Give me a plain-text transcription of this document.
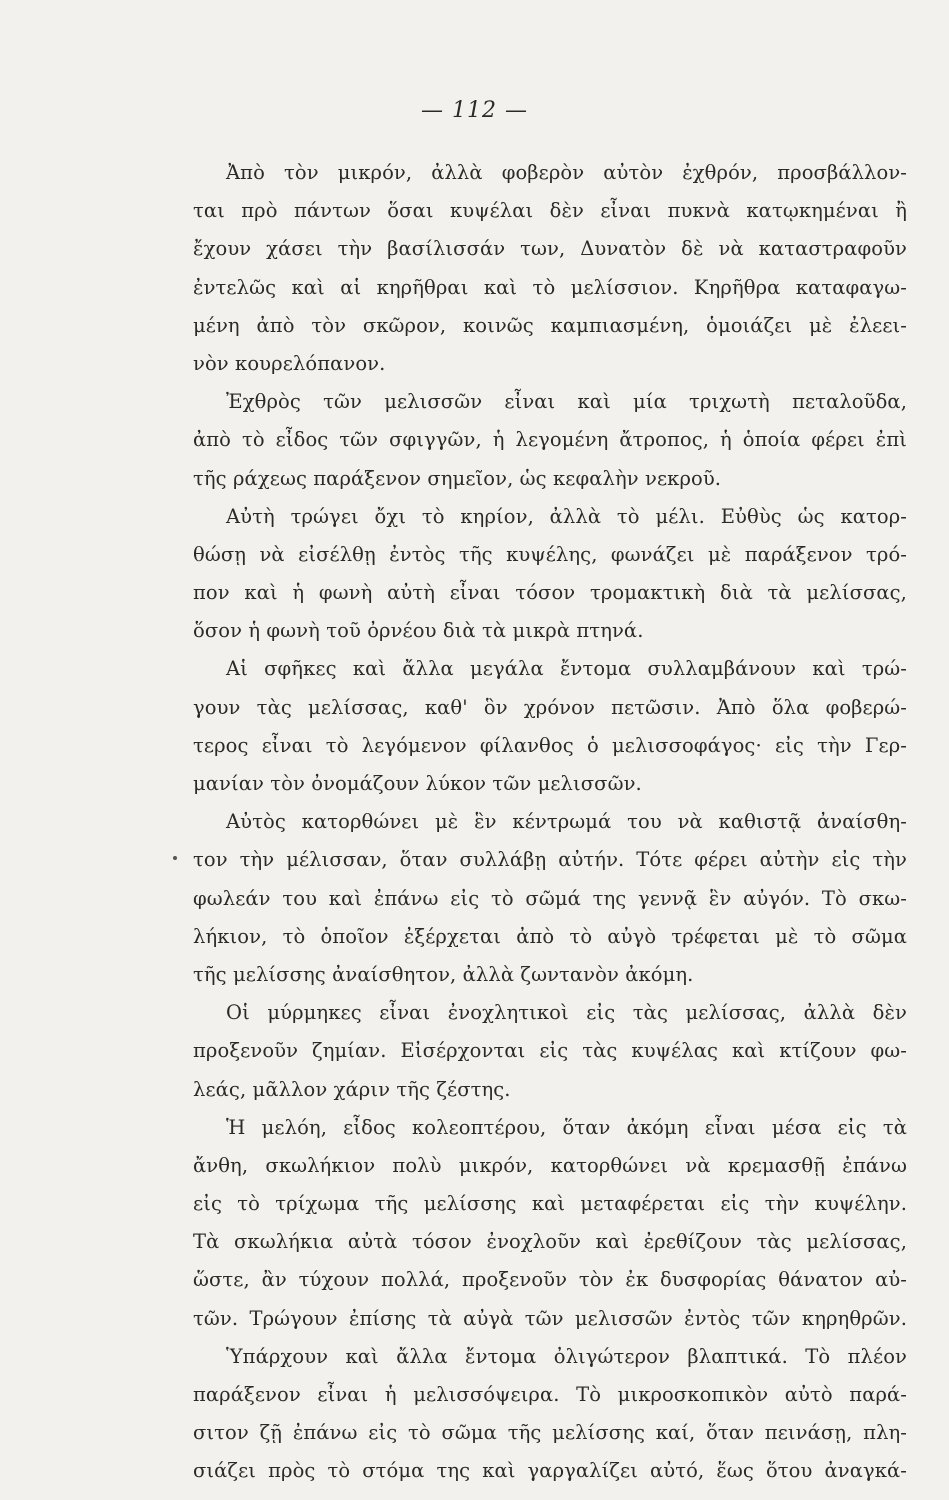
— 112 —
Ἀπὸ τὸν μικρόν, ἀλλὰ φοβερὸν αὐτὸν ἐχθρόν, προσβάλλον-
ται πρὸ πάντων ὅσαι κυψέλαι δὲν εἶναι πυκνὰ κατῳκημέναι ἢ
ἔχουν χάσει τὴν βασίλισσάν των, Δυνατὸν δὲ νὰ καταστραφοῦν
ἐντελῶς καὶ αἱ κηρῆθραι καὶ τὸ μελίσσιον. Κηρῆθρα καταφαγω-
μένη ἀπὸ τὸν σκῶρον, κοινῶς καμπιασμένη, ὁμοιάζει μὲ ἐλεει-
νὸν κουρελόπανον.
Ἐχθρὸς τῶν μελισσῶν εἶναι καὶ μία τριχωτὴ πεταλοῦδα,
ἀπὸ τὸ εἶδος τῶν σφιγγῶν, ἡ λεγομένη ἄτροπος, ἡ ὁποία φέρει ἐπὶ
τῆς ράχεως παράξενον σημεῖον, ὡς κεφαλὴν νεκροῦ.
Αὐτὴ τρώγει ὄχι τὸ κηρίον, ἀλλὰ τὸ μέλι. Εὐθὺς ὡς κατορ-
θώσῃ νὰ εἰσέλθῃ ἐντὸς τῆς κυψέλης, φωνάζει μὲ παράξενον τρό-
πον καὶ ἡ φωνὴ αὐτὴ εἶναι τόσον τρομακτικὴ διὰ τὰ μελίσσας,
ὅσον ἡ φωνὴ τοῦ ὀρνέου διὰ τὰ μικρὰ πτηνά.
Αἱ σφῆκες καὶ ἄλλα μεγάλα ἔντομα συλλαμβάνουν καὶ τρώ-
γουν τὰς μελίσσας, καθ' ὃν χρόνον πετῶσιν. Ἀπὸ ὅλα φοβερώ-
τερος εἶναι τὸ λεγόμενον φίλανθος ὁ μελισσοφάγος· εἰς τὴν Γερ-
μανίαν τὸν ὀνομάζουν λύκον τῶν μελισσῶν.
Αὐτὸς κατορθώνει μὲ ἓν κέντρωμά του νὰ καθιστᾷ ἀναίσθη-
τον τὴν μέλισσαν, ὅταν συλλάβῃ αὐτήν. Τότε φέρει αὐτὴν εἰς τὴν
φωλεάν του καὶ ἐπάνω εἰς τὸ σῶμά της γεννᾷ ἓν αὐγόν. Τὸ σκω-
λήκιον, τὸ ὁποῖον ἐξέρχεται ἀπὸ τὸ αὐγὸ τρέφεται μὲ τὸ σῶμα
τῆς μελίσσης ἀναίσθητον, ἀλλὰ ζωντανὸν ἀκόμη.
Οἱ μύρμηκες εἶναι ἐνοχλητικοὶ εἰς τὰς μελίσσας, ἀλλὰ δὲν
προξενοῦν ζημίαν. Εἰσέρχονται εἰς τὰς κυψέλας καὶ κτίζουν φω-
λεάς, μᾶλλον χάριν τῆς ζέστης.
Ἡ μελόη, εἶδος κολεοπτέρου, ὅταν ἀκόμη εἶναι μέσα εἰς τὰ
ἄνθη, σκωλήκιον πολὺ μικρόν, κατορθώνει νὰ κρεμασθῇ ἐπάνω
εἰς τὸ τρίχωμα τῆς μελίσσης καὶ μεταφέρεται εἰς τὴν κυψέλην.
Τὰ σκωλήκια αὐτὰ τόσον ἐνοχλοῦν καὶ ἐρεθίζουν τὰς μελίσσας,
ὥστε, ἂν τύχουν πολλά, προξενοῦν τὸν ἐκ δυσφορίας θάνατον αὐ-
τῶν. Τρώγουν ἐπίσης τὰ αὐγὰ τῶν μελισσῶν ἐντὸς τῶν κηρηθρῶν.
Ὑπάρχουν καὶ ἄλλα ἔντομα ὀλιγώτερον βλαπτικά. Τὸ πλέον
παράξενον εἶναι ἡ μελισσόψειρα. Τὸ μικροσκοπικὸν αὐτὸ παρά-
σιτον ζῇ ἐπάνω εἰς τὸ σῶμα τῆς μελίσσης καί, ὅταν πεινάσῃ, πλη-
σιάζει πρὸς τὸ στόμα της καὶ γαργαλίζει αὐτό, ἕως ὅτου ἀναγκά-
